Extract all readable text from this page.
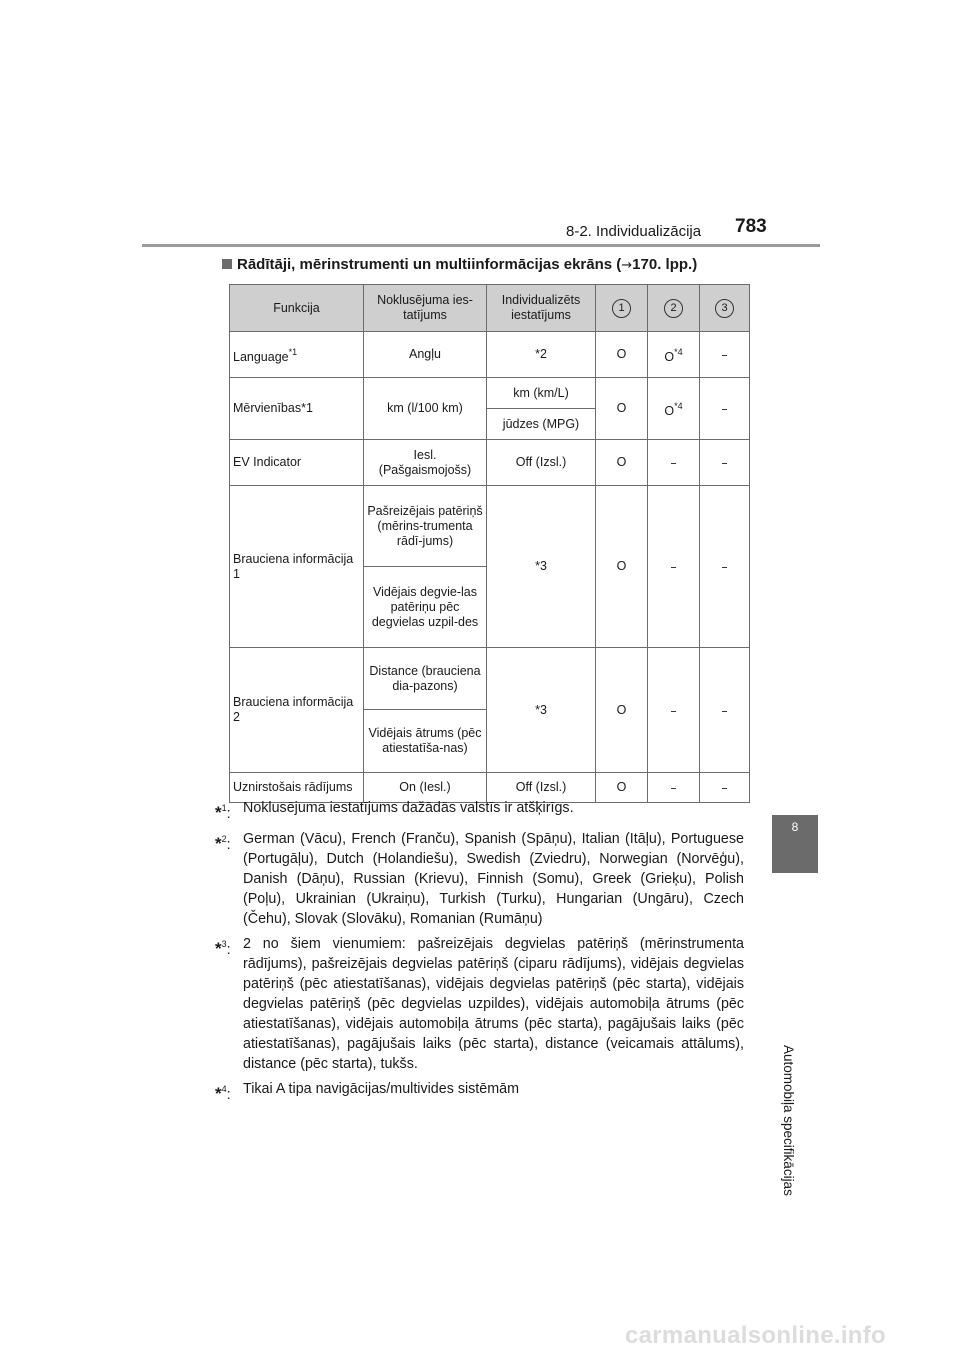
8-2. Individualizācija 783
8
Automobiļa specifikācijas
Rādītāji, mērinstrumenti un multiinformācijas ekrāns (→170. lpp.)
Funkcija	Noklusējuma ies-tatījums	Individualizēts iestatījums	1	2	3
Language$^{*1}$	Angļu	*2	O	$O^{*4}$	–
Mērvienības*1	km (l/100 km)	km (km/L)	O	$O^{*4}$	–
		jūdzes (MPG)			
EV Indicator	Iesl. (Pašgaismojošs)	Off (Izsl.)	O	–	–
Brauciena informācija 1	Pašreizējais patēriņš (mērins-trumenta rādī-jums)	*3	O	–	–
	Vidējais degvie-las patēriņu pēc degvielas uzpil-des				
Brauciena informācija 2	Distance (brauciena dia-pazons)	*3	O	–	–
	Vidējais ātrums (pēc atiestatīša-nas)				
Uznirstošais rādījums	On (Iesl.)	Off (Izsl.)	O	–	–
*$^1$: Noklusējuma iestatījums dažādās valstīs ir atšķirīgs.
*$^2$: German (Vācu), French (Franču), Spanish (Spāņu), Italian (Itāļu), Portuguese (Portugāļu), Dutch (Holandiešu), Swedish (Zviedru), Norwegian (Norvēģu), Danish (Dāņu), Russian (Krievu), Finnish (Somu), Greek (Grieķu), Polish (Poļu), Ukrainian (Ukraiņu), Turkish (Turku), Hungarian (Ungāru), Czech (Čehu), Slovak (Slovāku), Romanian (Rumāņu)
*$^3$: 2 no šiem vienumiem: pašreizējais degvielas patēriņš (mērinstrumenta rādījums), pašreizējais degvielas patēriņš (ciparu rādījums), vidējais degvielas patēriņš (pēc atiestatīšanas), vidējais degvielas patēriņš (pēc starta), vidējais degvielas patēriņš (pēc degvielas uzpildes), vidējais automobiļa ātrums (pēc atiestatīšanas), vidējais automobiļa ātrums (pēc starta), pagājušais laiks (pēc atiestatīšanas), pagājušais laiks (pēc starta), distance (veicamais attālums), distance (pēc starta), tukšs.
*$^4$: Tikai A tipa navigācijas/multivides sistēmām
carmanualsonline.info
